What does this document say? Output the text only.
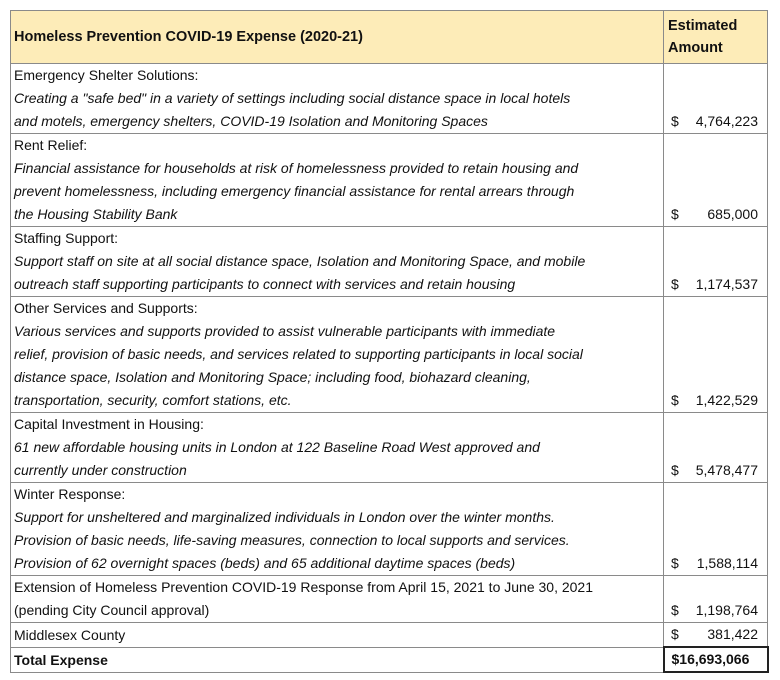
Homeless Prevention COVID-19 Expense (2020-21)	Estimated
Amount

Emergency Shelter Solutions:
Creating a "safe bed" in a variety of settings including social distance space in local hotels
and motels, emergency shelters, COVID-19 Isolation and Monitoring Spaces	$ 4,764,223

Rent Relief:
Financial assistance for households at risk of homelessness provided to retain housing and
prevent homelessness, including emergency financial assistance for rental arrears through
the Housing Stability Bank	$ 685,000

Staffing Support:
Support staff on site at all social distance space, Isolation and Monitoring Space, and mobile
outreach staff supporting participants to connect with services and retain housing	$ 1,174,537

Other Services and Supports:
Various services and supports provided to assist vulnerable participants with immediate
relief, provision of basic needs, and services related to supporting participants in local social
distance space, Isolation and Monitoring Space; including food, biohazard cleaning,
transportation, security, comfort stations, etc.	$ 1,422,529

Capital Investment in Housing:
61 new affordable housing units in London at 122 Baseline Road West approved and
currently under construction	$ 5,478,477

Winter Response:
Support for unsheltered and marginalized individuals in London over the winter months.
Provision of basic needs, life-saving measures, connection to local supports and services.
Provision of 62 overnight spaces (beds) and 65 additional daytime spaces (beds)	$ 1,588,114

Extension of Homeless Prevention COVID-19 Response from April 15, 2021 to June 30, 2021
(pending City Council approval)	$ 1,198,764

Middlesex County	$ 381,422

Total Expense	$16,693,066
